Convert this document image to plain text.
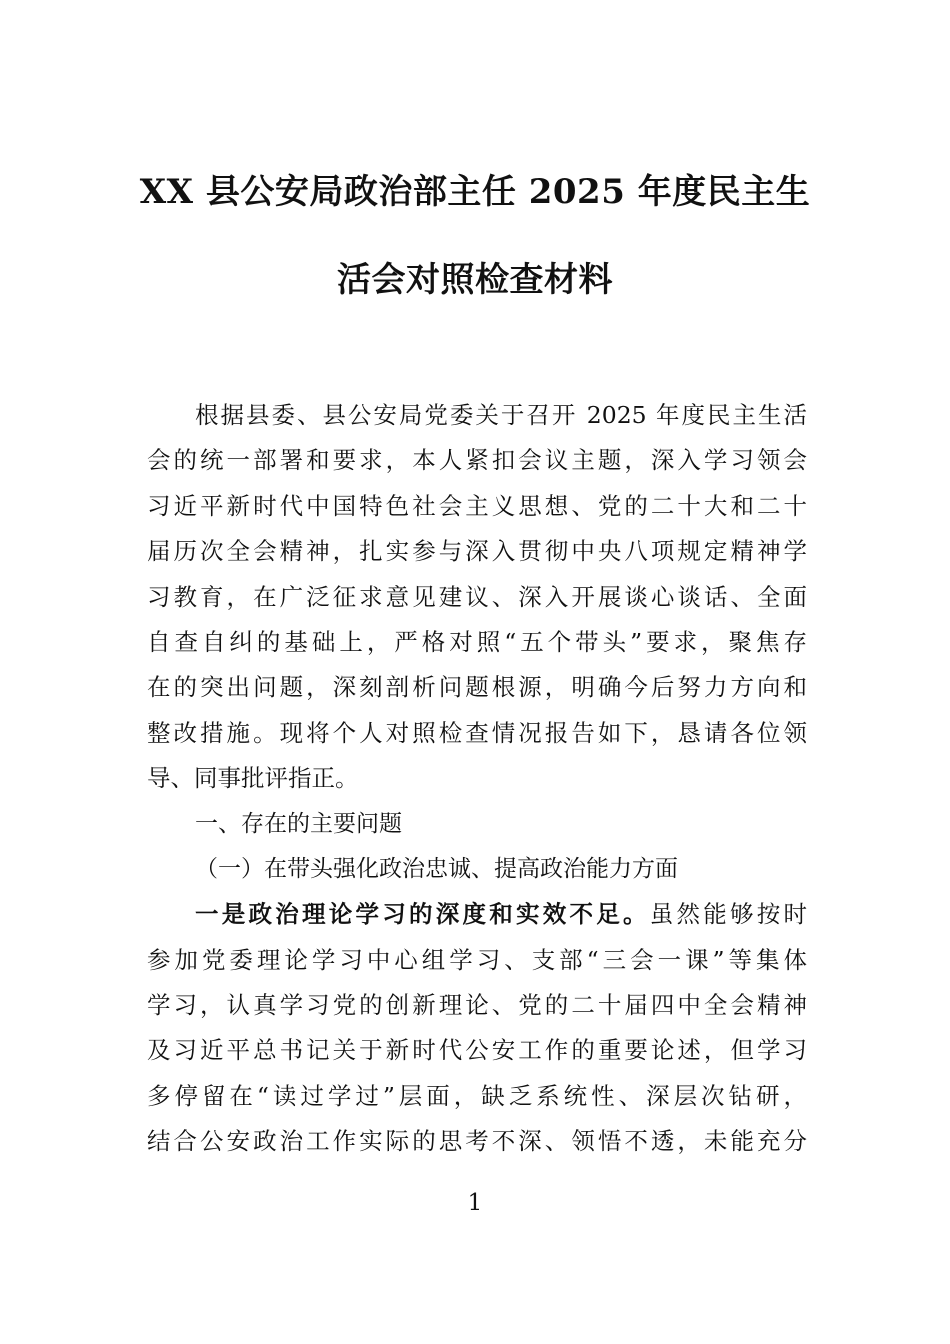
XX 县公安局政治部主任 2025 年度民主生
活会对照检查材料
根据县委、县公安局党委关于召开 2025 年度民主生活
会的统一部署和要求，本人紧扣会议主题，深入学习领会
习近平新时代中国特色社会主义思想、党的二十大和二十
届历次全会精神，扎实参与深入贯彻中央八项规定精神学
习教育，在广泛征求意见建议、深入开展谈心谈话、全面
自查自纠的基础上，严格对照“五个带头”要求，聚焦存
在的突出问题，深刻剖析问题根源，明确今后努力方向和
整改措施。现将个人对照检查情况报告如下，恳请各位领
导、同事批评指正。
一、存在的主要问题
（一）在带头强化政治忠诚、提高政治能力方面
一是政治理论学习的深度和实效不足。虽然能够按时
参加党委理论学习中心组学习、支部“三会一课”等集体
学习，认真学习党的创新理论、党的二十届四中全会精神
及习近平总书记关于新时代公安工作的重要论述，但学习
多停留在“读过学过”层面，缺乏系统性、深层次钻研，
结合公安政治工作实际的思考不深、领悟不透，未能充分
1
